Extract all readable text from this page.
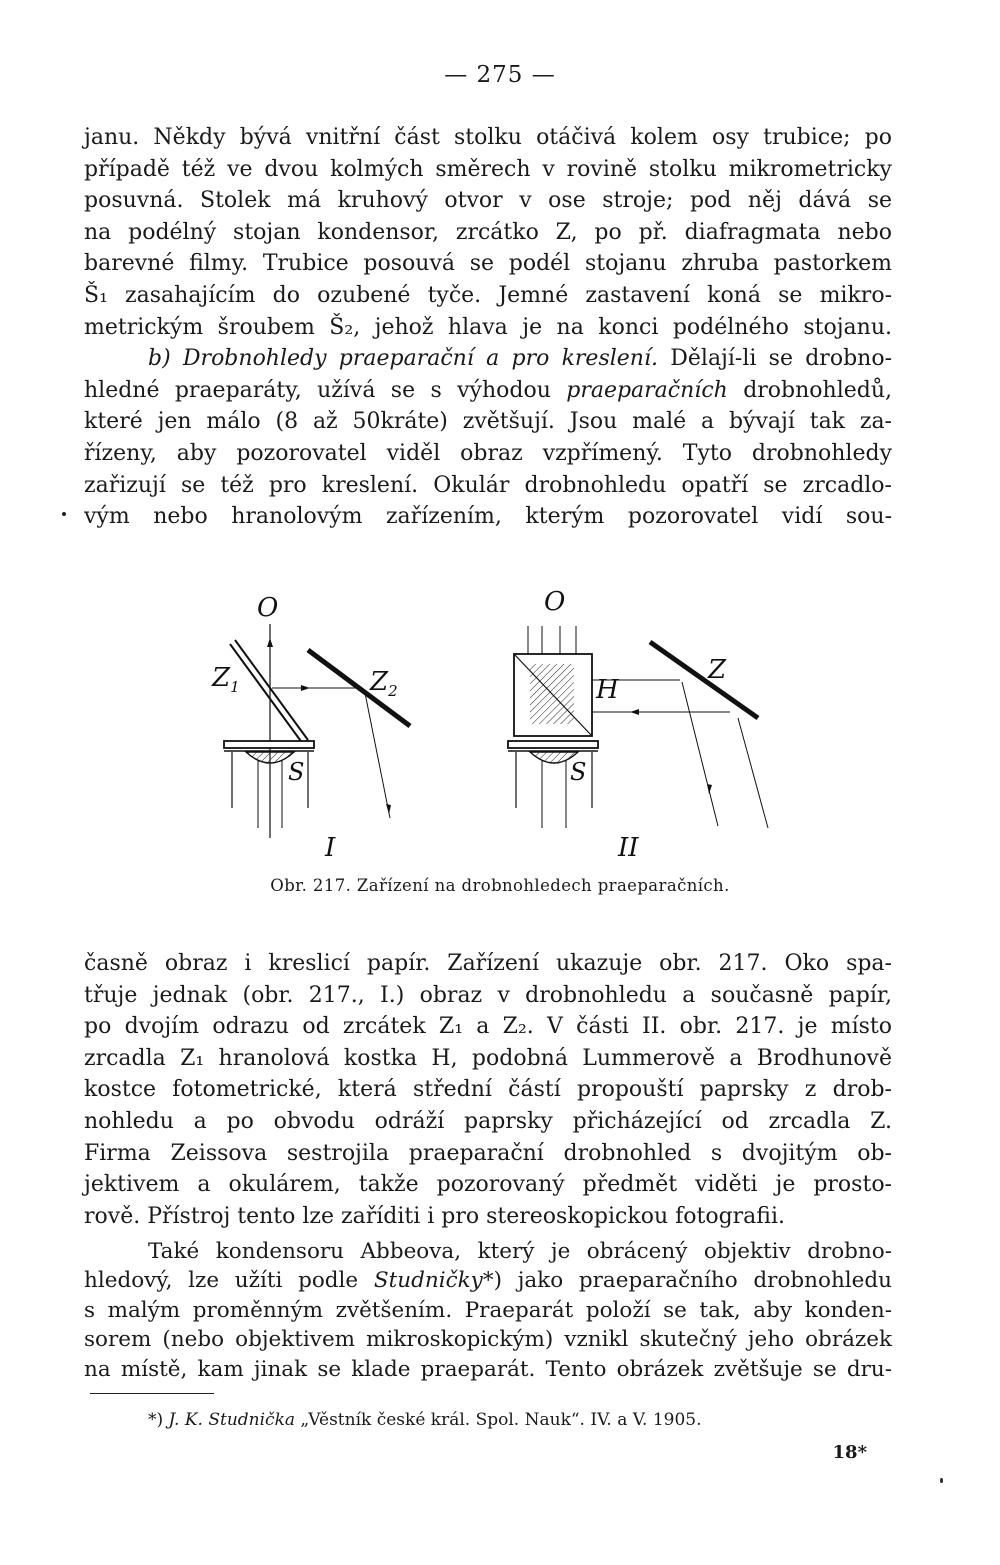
— 275 —
janu. Někdy bývá vnitřní část stolku otáčivá kolem osy trubice; po
případě též ve dvou kolmých směrech v rovině stolku mikrometricky
posuvná. Stolek má kruhový otvor v ose stroje; pod něj dává se
na podélný stojan kondensor, zrcátko Z, po př. diafragmata nebo
barevné filmy. Trubice posouvá se podél stojanu zhruba pastorkem
Š₁ zasahajícím do ozubené tyče. Jemné zastavení koná se mikro-
metrickým šroubem Š₂, jehož hlava je na konci podélného stojanu.
b) Drobnohledy praeparační a pro kreslení. Dělají-li se drobno-
hledné praeparáty, užívá se s výhodou praeparačních drobnohledů,
které jen málo (8 až 50kráte) zvětšují. Jsou malé a bývají tak za-
řízeny, aby pozorovatel viděl obraz vzpřímený. Tyto drobnohledy
zařizují se též pro kreslení. Okulár drobnohledu opatří se zrcadlo-
vým nebo hranolovým zařízením, kterým pozorovatel vidí sou-
O
$Z_1$	$Z_2$
S
I
O
H
Z
S
II
Obr. 217. Zařízení na drobnohledech praeparačních.
časně obraz i kreslicí papír. Zařízení ukazuje obr. 217. Oko spa-
třuje jednak (obr. 217., I.) obraz v drobnohledu a současně papír,
po dvojím odrazu od zrcátek Z₁ a Z₂. V části II. obr. 217. je místo
zrcadla Z₁ hranolová kostka H, podobná Lummerově a Brodhunově
kostce fotometrické, která střední částí propouští paprsky z drob-
nohledu a po obvodu odráží paprsky přicházející od zrcadla Z.
Firma Zeissova sestrojila praeparační drobnohled s dvojitým ob-
jektivem a okulárem, takže pozorovaný předmět viděti je prosto-
rově. Přístroj tento lze zaříditi i pro stereoskopickou fotografii.
Také kondensoru Abbeova, který je obrácený objektiv drobno-
hledový, lze užíti podle Studničky*) jako praeparačního drobnohledu
s malým proměnným zvětšením. Praeparát položí se tak, aby konden-
sorem (nebo objektivem mikroskopickým) vznikl skutečný jeho obrázek
na místě, kam jinak se klade praeparát. Tento obrázek zvětšuje se dru-
*) J. K. Studnička „Věstník české král. Spol. Nauk“. IV. a V. 1905.
18*
